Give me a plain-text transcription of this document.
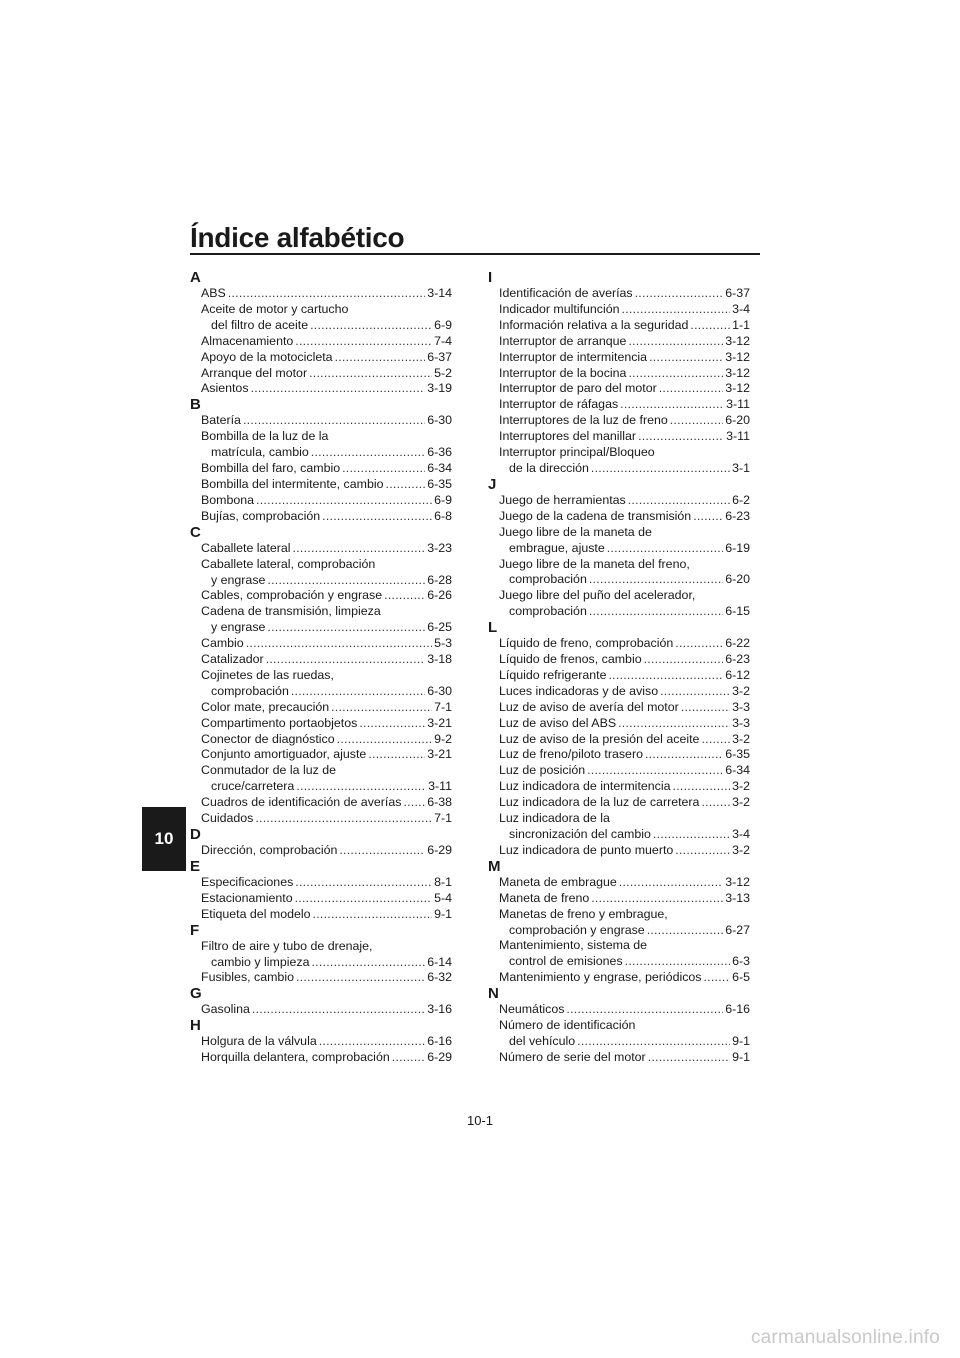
Índice alfabético
10
A
ABS . . .	3-14
Aceite de motor y cartucho
del filtro de aceite . . .	6-9
Almacenamiento . . .	7-4
Apoyo de la motocicleta . . .	6-37
Arranque del motor . . .	5-2
Asientos . . .	3-19
B
Batería . . .	6-30
Bombilla de la luz de la
matrícula, cambio . . .	6-36
Bombilla del faro, cambio . . .	6-34
Bombilla del intermitente, cambio . . .	6-35
Bombona . . .	6-9
Bujías, comprobación . . .	6-8
C
Caballete lateral . . .	3-23
Caballete lateral, comprobación
y engrase . . .	6-28
Cables, comprobación y engrase . . .	6-26
Cadena de transmisión, limpieza
y engrase . . .	6-25
Cambio . . .	5-3
Catalizador . . .	3-18
Cojinetes de las ruedas,
comprobación . . .	6-30
Color mate, precaución . . .	7-1
Compartimento portaobjetos . . .	3-21
Conector de diagnóstico . . .	9-2
Conjunto amortiguador, ajuste . . .	3-21
Conmutador de la luz de
cruce/carretera . . .	3-11
Cuadros de identificación de averías . . . 6-38
Cuidados . . .	7-1
D
Dirección, comprobación . . .	6-29
E
Especificaciones . . .	8-1
Estacionamiento . . .	5-4
Etiqueta del modelo . . .	9-1
F
Filtro de aire y tubo de drenaje,
cambio y limpieza . . .	6-14
Fusibles, cambio . . .	6-32
G
Gasolina . . .	3-16
H
Holgura de la válvula . . .	6-16
Horquilla delantera, comprobación . . .	6-29
I
Identificación de averías . . .	6-37
Indicador multifunción . . .	3-4
Información relativa a la seguridad . . .	1-1
Interruptor de arranque . . .	3-12
Interruptor de intermitencia . . .	3-12
Interruptor de la bocina . . .	3-12
Interruptor de paro del motor . . .	3-12
Interruptor de ráfagas . . .	3-11
Interruptores de la luz de freno . . .	6-20
Interruptores del manillar . . .	3-11
Interruptor principal/Bloqueo
de la dirección . . .	3-1
J
Juego de herramientas . . .	6-2
Juego de la cadena de transmisión . . .	6-23
Juego libre de la maneta de
embrague, ajuste . . .	6-19
Juego libre de la maneta del freno,
comprobación . . .	6-20
Juego libre del puño del acelerador,
comprobación . . .	6-15
L
Líquido de freno, comprobación . . .	6-22
Líquido de frenos, cambio . . .	6-23
Líquido refrigerante . . .	6-12
Luces indicadoras y de aviso . . .	3-2
Luz de aviso de avería del motor . . .	3-3
Luz de aviso del ABS . . .	3-3
Luz de aviso de la presión del aceite . . .	3-2
Luz de freno/piloto trasero . . .	6-35
Luz de posición . . .	6-34
Luz indicadora de intermitencia . . .	3-2
Luz indicadora de la luz de carretera . . .	3-2
Luz indicadora de la
sincronización del cambio . . .	3-4
Luz indicadora de punto muerto . . .	3-2
M
Maneta de embrague . . .	3-12
Maneta de freno . . .	3-13
Manetas de freno y embrague,
comprobación y engrase . . .	6-27
Mantenimiento, sistema de
control de emisiones . . .	6-3
Mantenimiento y engrase, periódicos . . . 6-5
N
Neumáticos . . .	6-16
Número de identificación
del vehículo . . .	9-1
Número de serie del motor . . .	9-1
10-1
carmanualsonline.info
